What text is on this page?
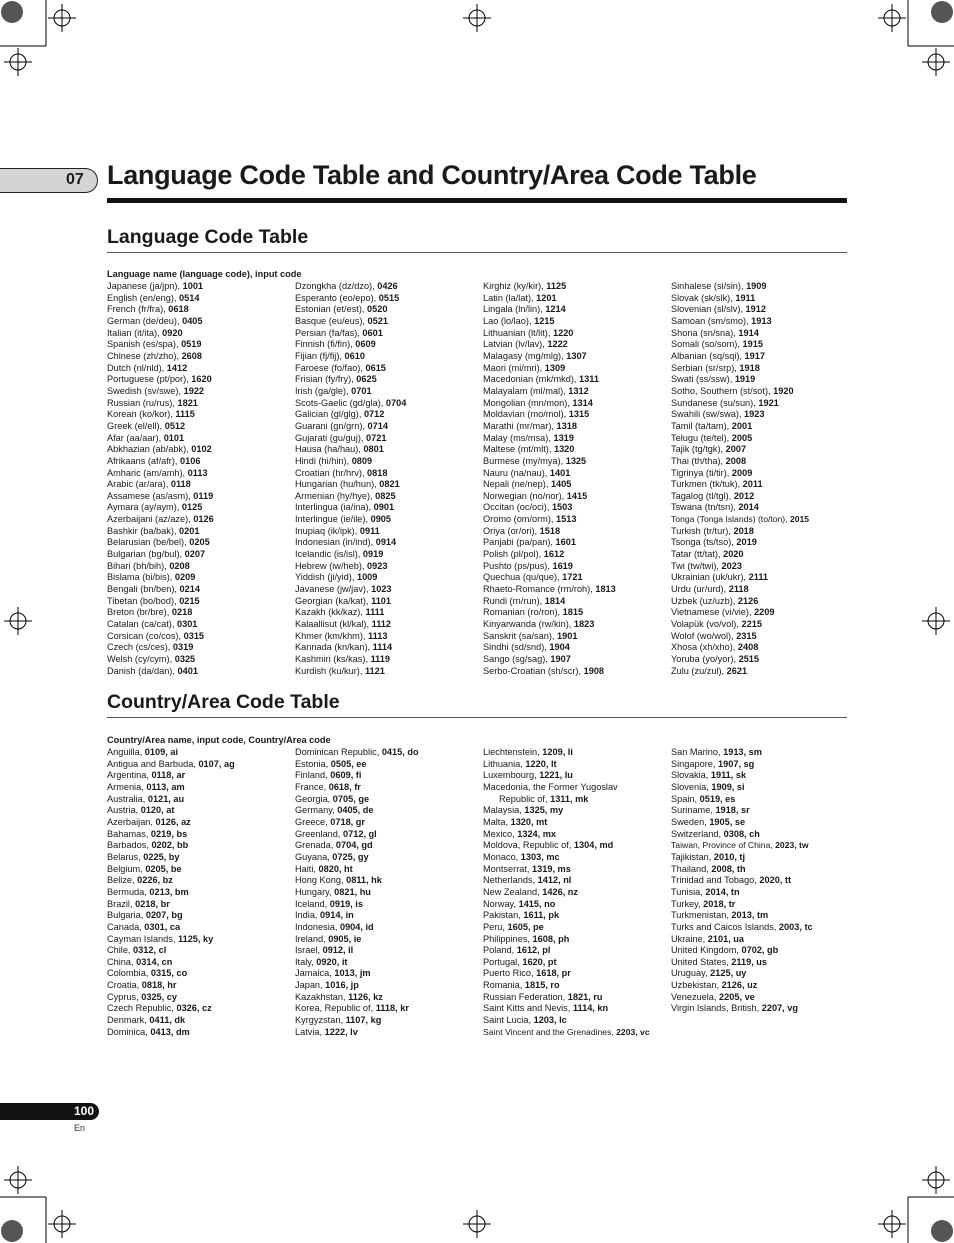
07 Language Code Table and Country/Area Code Table
Language Code Table
Language name (language code), input code
Japanese (ja/jpn), 1001
English (en/eng), 0514
French (fr/fra), 0618
German (de/deu), 0405
Italian (it/ita), 0920
Spanish (es/spa), 0519
Chinese (zh/zho), 2608
Dutch (nl/nld), 1412
Portuguese (pt/por), 1620
Swedish (sv/swe), 1922
Russian (ru/rus), 1821
Korean (ko/kor), 1115
Greek (el/ell), 0512
Afar (aa/aar), 0101
Abkhazian (ab/abk), 0102
Afrikaans (af/afr), 0106
Amharic (am/amh), 0113
Arabic (ar/ara), 0118
Assamese (as/asm), 0119
Aymara (ay/aym), 0125
Azerbaijani (az/aze), 0126
Bashkir (ba/bak), 0201
Belarusian (be/bel), 0205
Bulgarian (bg/bul), 0207
Bihari (bh/bih), 0208
Bislama (bi/bis), 0209
Bengali (bn/ben), 0214
Tibetan (bo/bod), 0215
Breton (br/bre), 0218
Catalan (ca/cat), 0301
Corsican (co/cos), 0315
Czech (cs/ces), 0319
Welsh (cy/cym), 0325
Danish (da/dan), 0401
Dzongkha (dz/dzo), 0426
Esperanto (eo/epo), 0515
Estonian (et/est), 0520
Basque (eu/eus), 0521
Persian (fa/fas), 0601
Finnish (fi/fin), 0609
Fijian (fj/fij), 0610
Faroese (fo/fao), 0615
Frisian (fy/fry), 0625
Irish (ga/gle), 0701
Scots-Gaelic (gd/gla), 0704
Galician (gl/glg), 0712
Guarani (gn/grn), 0714
Gujarati (gu/guj), 0721
Hausa (ha/hau), 0801
Hindi (hi/hin), 0809
Croatian (hr/hrv), 0818
Hungarian (hu/hun), 0821
Armenian (hy/hye), 0825
Interlingua (ia/ina), 0901
Interlingue (ie/ile), 0905
Inupiaq (ik/ipk), 0911
Indonesian (in/ind), 0914
Icelandic (is/isl), 0919
Hebrew (iw/heb), 0923
Yiddish (ji/yid), 1009
Javanese (jw/jav), 1023
Georgian (ka/kat), 1101
Kazakh (kk/kaz), 1111
Kalaallisut (kl/kal), 1112
Khmer (km/khm), 1113
Kannada (kn/kan), 1114
Kashmiri (ks/kas), 1119
Kurdish (ku/kur), 1121
Kirghiz (ky/kir), 1125
Latin (la/lat), 1201
Lingala (ln/lin), 1214
Lao (lo/lao), 1215
Lithuanian (lt/lit), 1220
Latvian (lv/lav), 1222
Malagasy (mg/mlg), 1307
Maori (mi/mri), 1309
Macedonian (mk/mkd), 1311
Malayalam (ml/mal), 1312
Mongolian (mn/mon), 1314
Moldavian (mo/mol), 1315
Marathi (mr/mar), 1318
Malay (ms/msa), 1319
Maltese (mt/mlt), 1320
Burmese (my/mya), 1325
Nauru (na/nau), 1401
Nepali (ne/nep), 1405
Norwegian (no/nor), 1415
Occitan (oc/oci), 1503
Oromo (om/orm), 1513
Oriya (or/ori), 1518
Panjabi (pa/pan), 1601
Polish (pl/pol), 1612
Pushto (ps/pus), 1619
Quechua (qu/que), 1721
Rhaeto-Romance (rm/roh), 1813
Rundi (rn/run), 1814
Romanian (ro/ron), 1815
Kinyarwanda (rw/kin), 1823
Sanskrit (sa/san), 1901
Sindhi (sd/snd), 1904
Sango (sg/sag), 1907
Serbo-Croatian (sh/scr), 1908
Sinhalese (si/sin), 1909
Slovak (sk/slk), 1911
Slovenian (sl/slv), 1912
Samoan (sm/smo), 1913
Shona (sn/sna), 1914
Somali (so/som), 1915
Albanian (sq/sqi), 1917
Serbian (sr/srp), 1918
Swati (ss/ssw), 1919
Sotho, Southern (st/sot), 1920
Sundanese (su/sun), 1921
Swahili (sw/swa), 1923
Tamil (ta/tam), 2001
Telugu (te/tel), 2005
Tajik (tg/tgk), 2007
Thai (th/tha), 2008
Tigrinya (ti/tir), 2009
Turkmen (tk/tuk), 2011
Tagalog (tl/tgl), 2012
Tswana (tn/tsn), 2014
Tonga (Tonga Islands) (to/ton), 2015
Turkish (tr/tur), 2018
Tsonga (ts/tso), 2019
Tatar (tt/tat), 2020
Twi (tw/twi), 2023
Ukrainian (uk/ukr), 2111
Urdu (ur/urd), 2118
Uzbek (uz/uzb), 2126
Vietnamese (vi/vie), 2209
Volapük (vo/vol), 2215
Wolof (wo/wol), 2315
Xhosa (xh/xho), 2408
Yoruba (yo/yor), 2515
Zulu (zu/zul), 2621
Country/Area Code Table
Country/Area name, input code, Country/Area code
Anguilla, 0109, ai
Antigua and Barbuda, 0107, ag
Argentina, 0118, ar
Armenia, 0113, am
Australia, 0121, au
Austria, 0120, at
Azerbaijan, 0126, az
Bahamas, 0219, bs
Barbados, 0202, bb
Belarus, 0225, by
Belgium, 0205, be
Belize, 0226, bz
Bermuda, 0213, bm
Brazil, 0218, br
Bulgaria, 0207, bg
Canada, 0301, ca
Cayman Islands, 1125, ky
Chile, 0312, cl
China, 0314, cn
Colombia, 0315, co
Croatia, 0818, hr
Cyprus, 0325, cy
Czech Republic, 0326, cz
Denmark, 0411, dk
Dominica, 0413, dm
Dominican Republic, 0415, do
Estonia, 0505, ee
Finland, 0609, fi
France, 0618, fr
Georgia, 0705, ge
Germany, 0405, de
Greece, 0718, gr
Greenland, 0712, gl
Grenada, 0704, gd
Guyana, 0725, gy
Haiti, 0820, ht
Hong Kong, 0811, hk
Hungary, 0821, hu
Iceland, 0919, is
India, 0914, in
Indonesia, 0904, id
Ireland, 0905, ie
Israel, 0912, il
Italy, 0920, it
Jamaica, 1013, jm
Japan, 1016, jp
Kazakhstan, 1126, kz
Korea, Republic of, 1118, kr
Kyrgyzstan, 1107, kg
Latvia, 1222, lv
Liechtenstein, 1209, li
Lithuania, 1220, lt
Luxembourg, 1221, lu
Macedonia, the Former Yugoslav
Republic of, 1311, mk
Malaysia, 1325, my
Malta, 1320, mt
Mexico, 1324, mx
Moldova, Republic of, 1304, md
Monaco, 1303, mc
Montserrat, 1319, ms
Netherlands, 1412, nl
New Zealand, 1426, nz
Norway, 1415, no
Pakistan, 1611, pk
Peru, 1605, pe
Philippines, 1608, ph
Poland, 1612, pl
Portugal, 1620, pt
Puerto Rico, 1618, pr
Romania, 1815, ro
Russian Federation, 1821, ru
Saint Kitts and Nevis, 1114, kn
Saint Lucia, 1203, lc
Saint Vincent and the Grenadines, 2203, vc
San Marino, 1913, sm
Singapore, 1907, sg
Slovakia, 1911, sk
Slovenia, 1909, si
Spain, 0519, es
Suriname, 1918, sr
Sweden, 1905, se
Switzerland, 0308, ch
Taiwan, Province of China, 2023, tw
Tajikistan, 2010, tj
Thailand, 2008, th
Trinidad and Tobago, 2020, tt
Tunisia, 2014, tn
Turkey, 2018, tr
Turkmenistan, 2013, tm
Turks and Caicos Islands, 2003, tc
Ukraine, 2101, ua
United Kingdom, 0702, gb
United States, 2119, us
Uruguay, 2125, uy
Uzbekistan, 2126, uz
Venezuela, 2205, ve
Virgin Islands, British, 2207, vg
100
En
